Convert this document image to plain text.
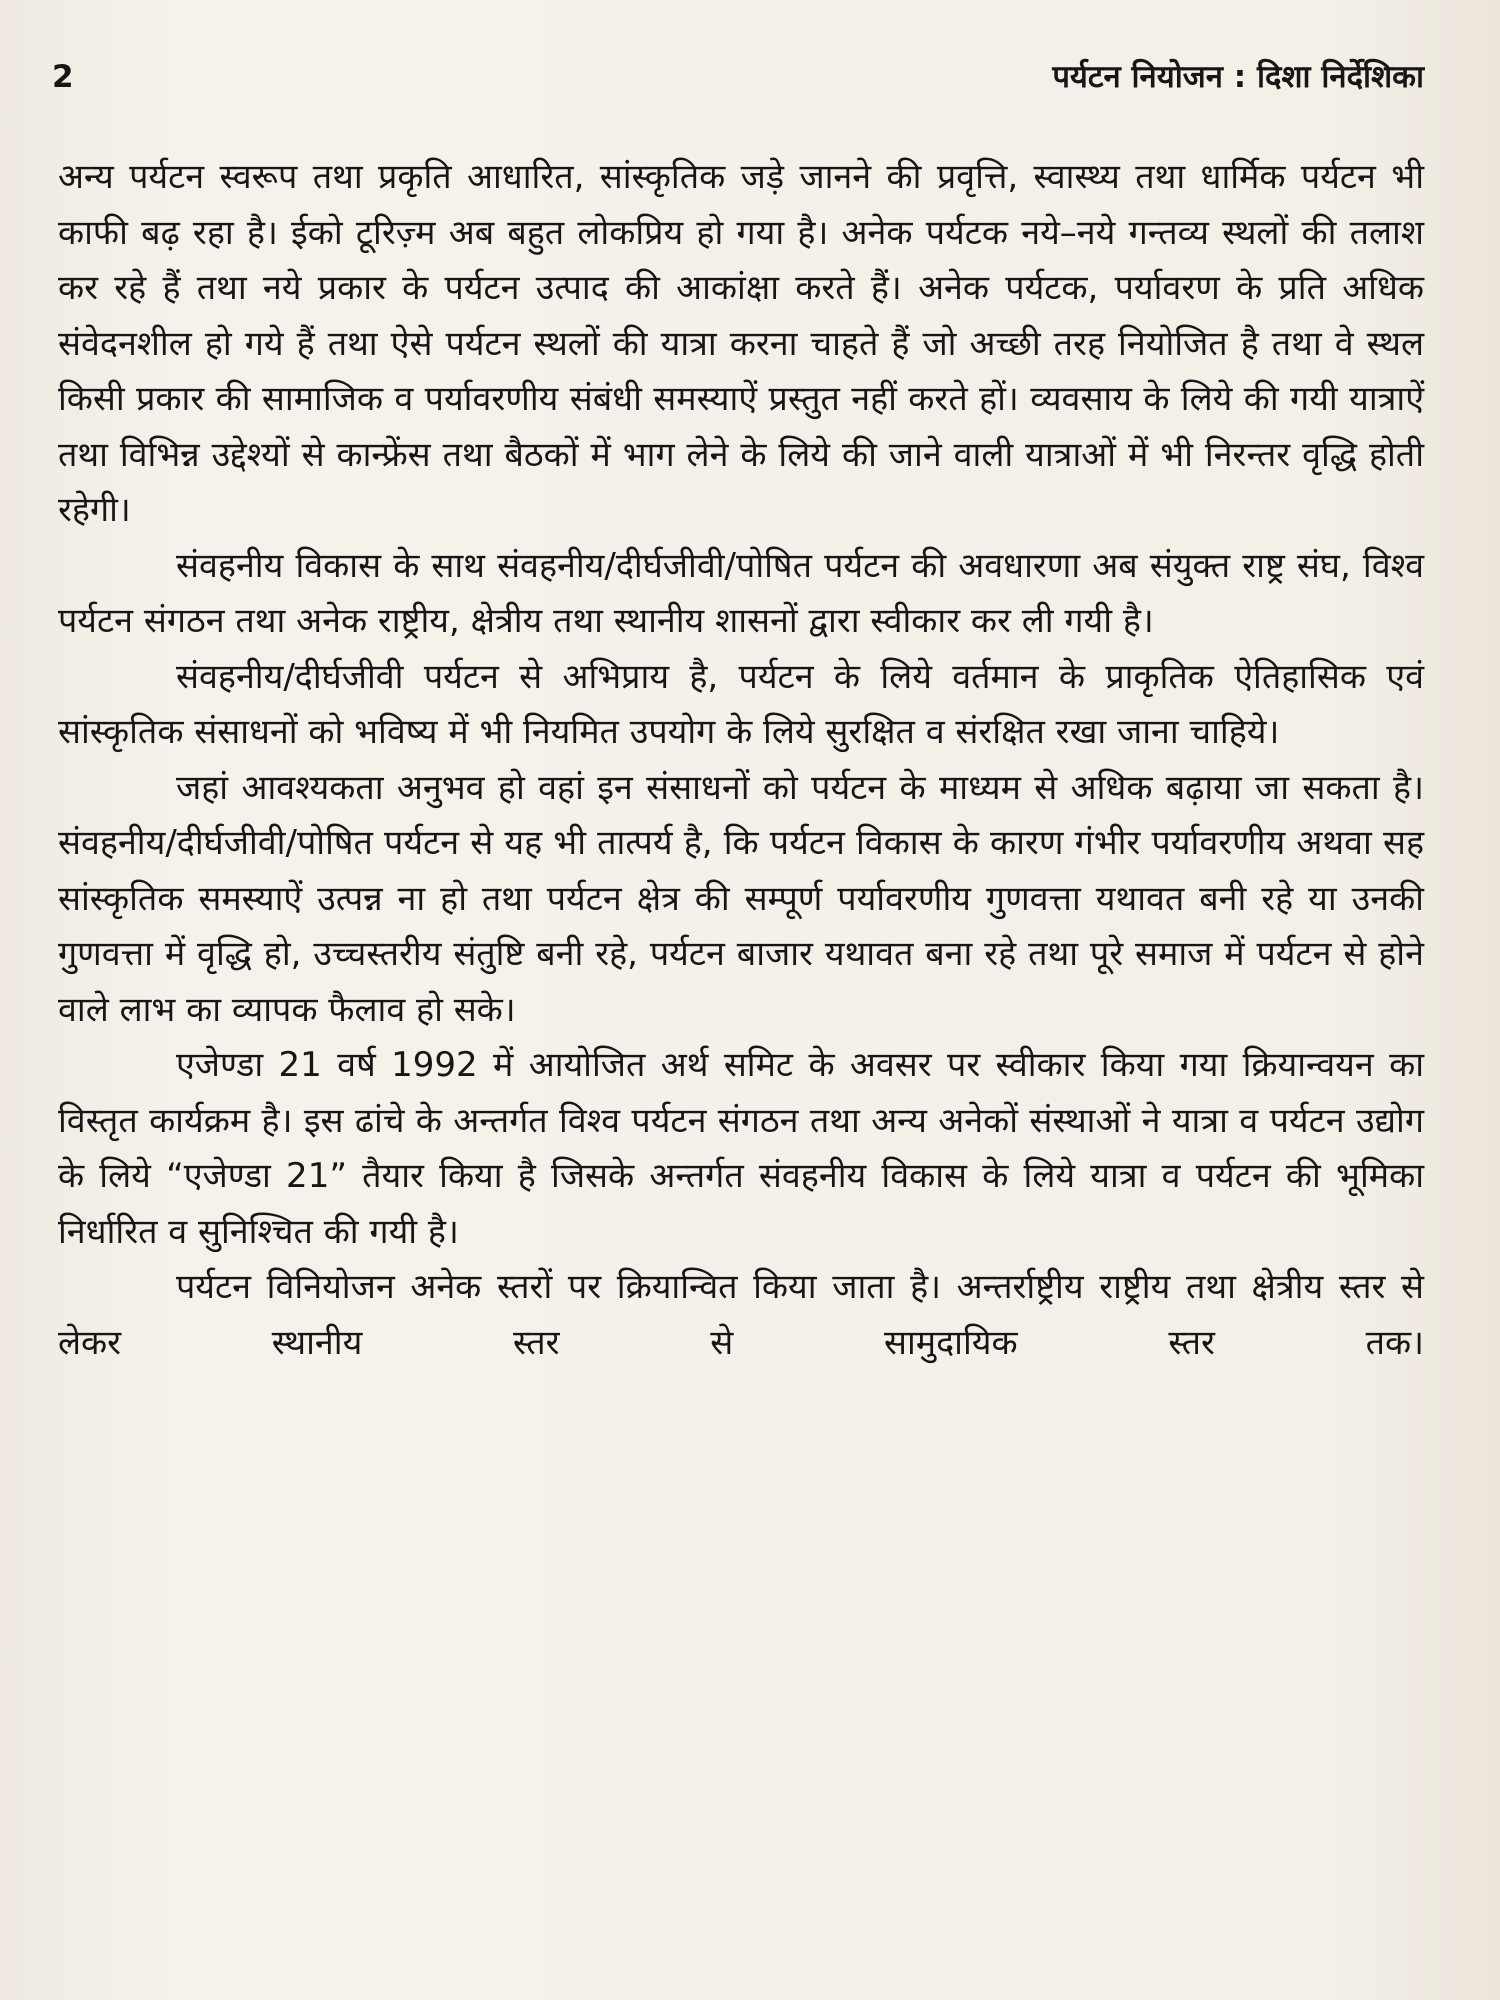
2	पर्यटन नियोजन : दिशा निर्देशिका

अन्य पर्यटन स्वरूप तथा प्रकृति आधारित, सांस्कृतिक जड़े जानने की प्रवृत्ति, स्वास्थ्य तथा धार्मिक पर्यटन भी काफी बढ़ रहा है। ईको टूरिज़्म अब बहुत लोकप्रिय हो गया है। अनेक पर्यटक नये–नये गन्तव्य स्थलों की तलाश कर रहे हैं तथा नये प्रकार के पर्यटन उत्पाद की आकांक्षा करते हैं। अनेक पर्यटक, पर्यावरण के प्रति अधिक संवेदनशील हो गये हैं तथा ऐसे पर्यटन स्थलों की यात्रा करना चाहते हैं जो अच्छी तरह नियोजित है तथा वे स्थल किसी प्रकार की सामाजिक व पर्यावरणीय संबंधी समस्याऐं प्रस्तुत नहीं करते हों। व्यवसाय के लिये की गयी यात्राऐं तथा विभिन्न उद्देश्यों से कान्फ्रेंस तथा बैठकों में भाग लेने के लिये की जाने वाली यात्राओं में भी निरन्तर वृद्धि होती रहेगी।

संवहनीय विकास के साथ संवहनीय/दीर्घजीवी/पोषित पर्यटन की अवधारणा अब संयुक्त राष्ट्र संघ, विश्व पर्यटन संगठन तथा अनेक राष्ट्रीय, क्षेत्रीय तथा स्थानीय शासनों द्वारा स्वीकार कर ली गयी है।

संवहनीय/दीर्घजीवी पर्यटन से अभिप्राय है, पर्यटन के लिये वर्तमान के प्राकृतिक ऐतिहासिक एवं सांस्कृतिक संसाधनों को भविष्य में भी नियमित उपयोग के लिये सुरक्षित व संरक्षित रखा जाना चाहिये।

जहां आवश्यकता अनुभव हो वहां इन संसाधनों को पर्यटन के माध्यम से अधिक बढ़ाया जा सकता है। संवहनीय/दीर्घजीवी/पोषित पर्यटन से यह भी तात्पर्य है, कि पर्यटन विकास के कारण गंभीर पर्यावरणीय अथवा सह सांस्कृतिक समस्याऐं उत्पन्न ना हो तथा पर्यटन क्षेत्र की सम्पूर्ण पर्यावरणीय गुणवत्ता यथावत बनी रहे या उनकी गुणवत्ता में वृद्धि हो, उच्चस्तरीय संतुष्टि बनी रहे, पर्यटन बाजार यथावत बना रहे तथा पूरे समाज में पर्यटन से होने वाले लाभ का व्यापक फैलाव हो सके।

एजेण्डा 21 वर्ष 1992 में आयोजित अर्थ समिट के अवसर पर स्वीकार किया गया क्रियान्वयन का विस्तृत कार्यक्रम है। इस ढांचे के अन्तर्गत विश्व पर्यटन संगठन तथा अन्य अनेकों संस्थाओं ने यात्रा व पर्यटन उद्योग के लिये “एजेण्डा 21” तैयार किया है जिसके अन्तर्गत संवहनीय विकास के लिये यात्रा व पर्यटन की भूमिका निर्धारित व सुनिश्चित की गयी है।

पर्यटन विनियोजन अनेक स्तरों पर क्रियान्वित किया जाता है। अन्तर्राष्ट्रीय राष्ट्रीय तथा क्षेत्रीय स्तर से लेकर स्थानीय स्तर से सामुदायिक स्तर तक।
